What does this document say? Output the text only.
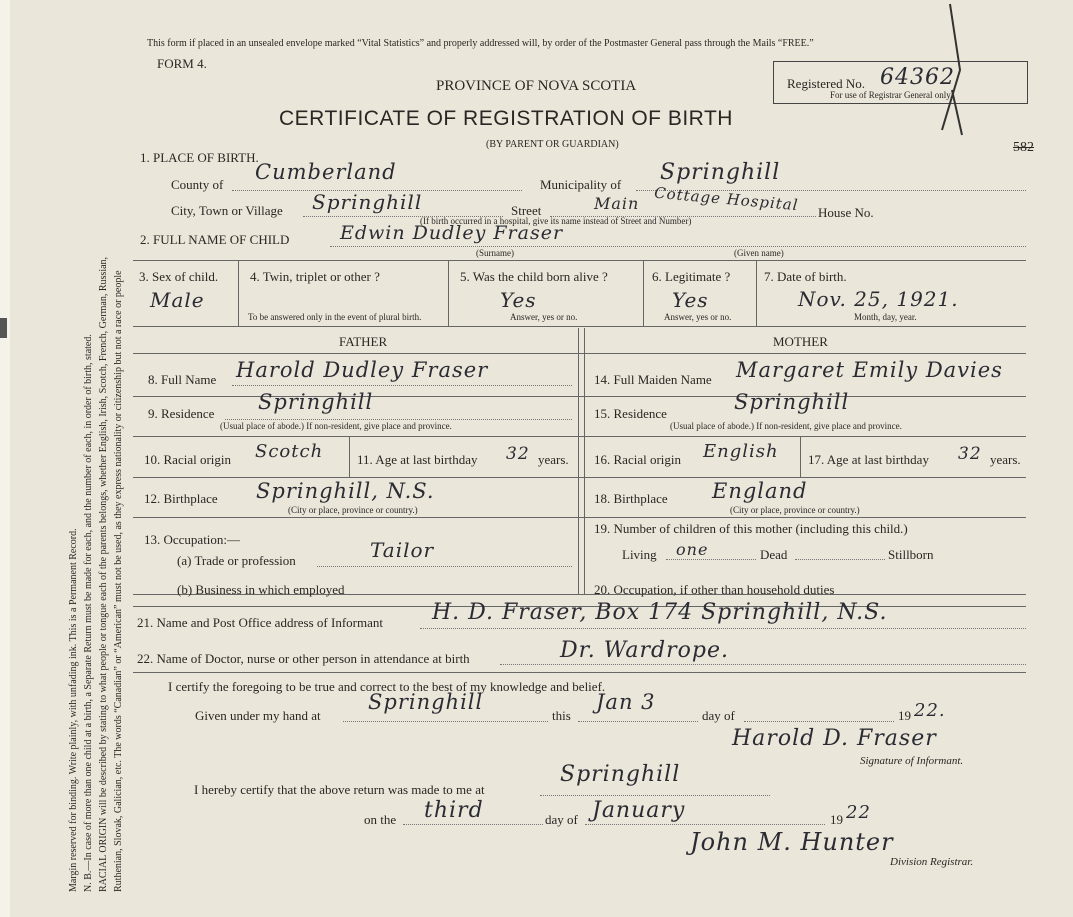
Margin reserved for binding. Write plainly, with unfading ink. This is a Permanent Record. N. B.—In case of more than one child at a birth, a Separate Return must be made for each, and the number of each, in order of birth, stated. RACIAL ORIGIN will be described by stating to what people or tongue each of the parents belongs, whether English, Irish, Scotch, French, German, Russian, Ruthenian, Slovak, Galician, etc. The words “Canadian” or “American” must not be used, as they express nationality or citizenship but not a race or people
This form if placed in an unsealed envelope marked “Vital Statistics” and properly addressed will, by order of the Postmaster General pass through the Mails “FREE.”
FORM 4.
PROVINCE OF NOVA SCOTIA
CERTIFICATE OF REGISTRATION OF BIRTH
(BY PARENT OR GUARDIAN)
Registered No. 64362
For use of Registrar General only.
582
1. PLACE OF BIRTH.
County of
Cumberland
Municipality of Springhill
City, Town or Village Springhill	Street	Main Cottage Hospital
(If birth occurred in a hospital, give its name instead of Street and Number)
House No.
2. FULL NAME OF CHILD	Edwin Dudley Fraser
(Surname)	(Given name)
3. Sex of child.
Male
4. Twin, triplet or other ?
To be answered only in the event of plural birth.
5. Was the child born alive ?
Yes
Answer, yes or no.
6. Legitimate ?
Yes
Answer, yes or no.
7. Date of birth.
Nov. 25, 1921.
Month, day, year.
FATHER	MOTHER
8. Full Name Harold Dudley Fraser
9. Residence Springhill
(Usual place of abode.) If non-resident, give place and province.
10. Racial origin Scotch	11. Age at last birthday 32 years.
12. Birthplace Springhill, N.S.
(City or place, province or country.)
13. Occupation:—
(a) Trade or profession	Tailor
(b) Business in which employed
14. Full Maiden Name Margaret Emily Davies
15. Residence	Springhill
(Usual place of abode.) If non-resident, give place and province.
16. Racial origin English 17. Age at last birthday 32 years.
18. Birthplace England
(City or place, province or country.)
19. Number of children of this mother (including this child.)
Living one	Dead	Stillborn
20. Occupation, if other than household duties
21. Name and Post Office address of Informant H. D. Fraser, Box 174 Springhill, N.S.
22. Name of Doctor, nurse or other person in attendance at birth	Dr. Wardrope.
I certify the foregoing to be true and correct to the best of my knowledge and belief.
Given under my hand at
Springhill
this
Jan 3
day of	19 22.
Harold D. Fraser
Signature of Informant.
I hereby certify that the above return was made to me at
Springhill
on the third	day of January	19 22
John M. Hunter
Division Registrar.
